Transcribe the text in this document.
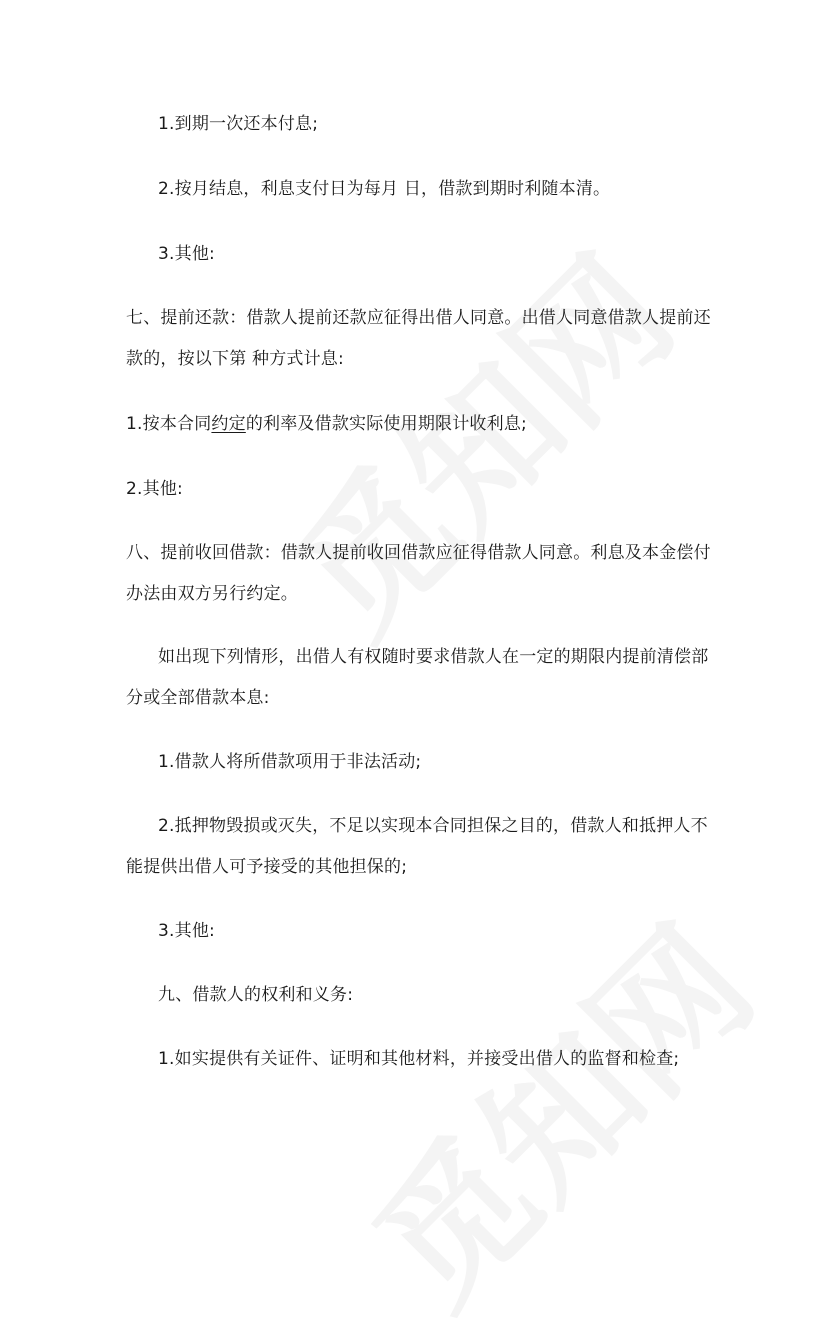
1.到期一次还本付息;
2.按月结息，利息支付日为每月 日，借款到期时利随本清。
3.其他:
七、提前还款：借款人提前还款应征得出借人同意。出借人同意借款人提前还
款的，按以下第 种方式计息:
1.按本合同约定的利率及借款实际使用期限计收利息;
2.其他:
八、提前收回借款：借款人提前收回借款应征得借款人同意。利息及本金偿付
办法由双方另行约定。
如出现下列情形，出借人有权随时要求借款人在一定的期限内提前清偿部
分或全部借款本息:
1.借款人将所借款项用于非法活动;
2.抵押物毁损或灭失，不足以实现本合同担保之目的，借款人和抵押人不
能提供出借人可予接受的其他担保的;
3.其他:
九、借款人的权利和义务:
1.如实提供有关证件、证明和其他材料，并接受出借人的监督和检查;
